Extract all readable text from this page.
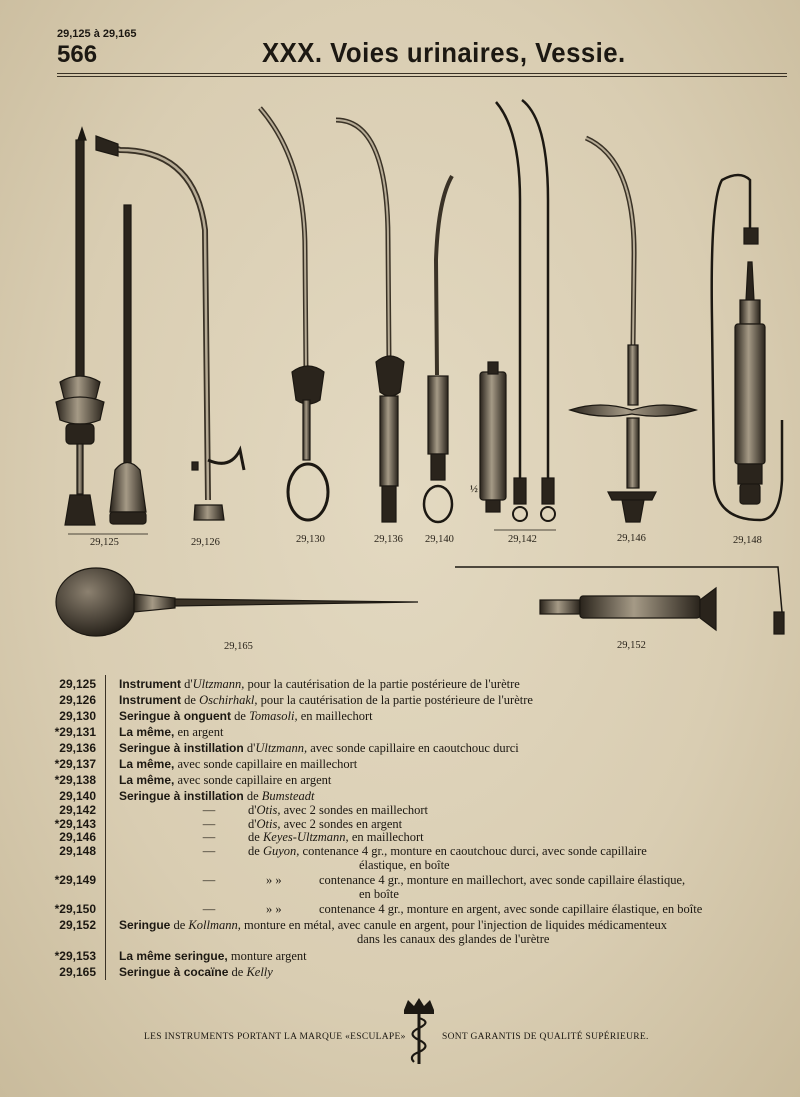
29,125 à 29,165
566	XXX. Voies urinaires, Vessie.
29,125	29,126	29,130	29,136 29,140	29,142	29,146	29,148
29,165	29,152
½
29,125 Instrument d'Ultzmann, pour la cautérisation de la partie postérieure de l'urètre
29,126 Instrument de Oschirhakl, pour la cautérisation de la partie postérieure de l'urètre
29,130 Seringue à onguent de Tomasoli, en maillechort
*29,131 La même, en argent
29,136 Seringue à instillation d'Ultzmann, avec sonde capillaire en caoutchouc durci
*29,137 La même, avec sonde capillaire en maillechort
*29,138 La même, avec sonde capillaire en argent
29,140 Seringue à instillation de Bumsteadt
29,142	—	d'Otis, avec 2 sondes en maillechort
*29,143	—	d'Otis, avec 2 sondes en argent
29,146	—	de Keyes-Ultzmann, en maillechort
29,148	—	de Guyon, contenance 4 gr., monture en caoutchouc durci, avec sonde capillaire
élastique, en boîte
*29,149	—	» »	contenance 4 gr., monture en maillechort, avec sonde capillaire élastique,
en boîte
*29,150	—	» »	contenance 4 gr., monture en argent, avec sonde capillaire élastique, en boîte
29,152 Seringue de Kollmann, monture en métal, avec canule en argent, pour l'injection de liquides médicamenteux
dans les canaux des glandes de l'urètre
*29,153 La même seringue, monture argent
29,165 Seringue à cocaïne de Kelly
LES INSTRUMENTS PORTANT LA MARQUE «ESCULAPE»	SONT GARANTIS DE QUALITÉ SUPÉRIEURE.
